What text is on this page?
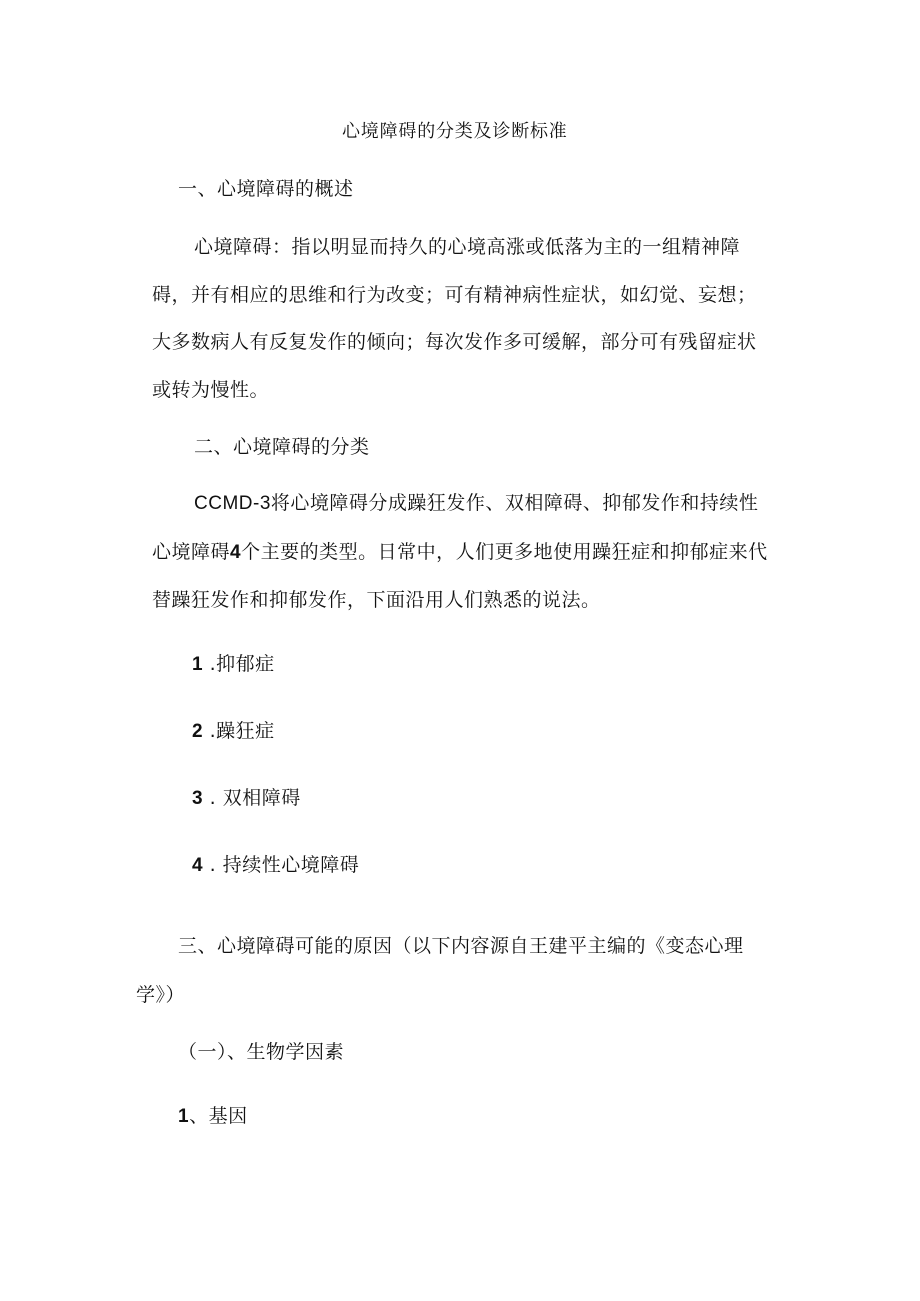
心境障碍的分类及诊断标准
一、心境障碍的概述
心境障碍：指以明显而持久的心境高涨或低落为主的一组精神障
碍，并有相应的思维和行为改变；可有精神病性症状，如幻觉、妄想；
大多数病人有反复发作的倾向；每次发作多可缓解，部分可有残留症状
或转为慢性。
二、心境障碍的分类
CCMD-3将心境障碍分成躁狂发作、双相障碍、抑郁发作和持续性
心境障碍4个主要的类型。日常中，人们更多地使用躁狂症和抑郁症来代
替躁狂发作和抑郁发作，下面沿用人们熟悉的说法。
1 .抑郁症
2 .躁狂症
3 . 双相障碍
4 . 持续性心境障碍
三、心境障碍可能的原因（以下内容源自王建平主编的《变态心理
学》）
（一）、生物学因素
1、基因
